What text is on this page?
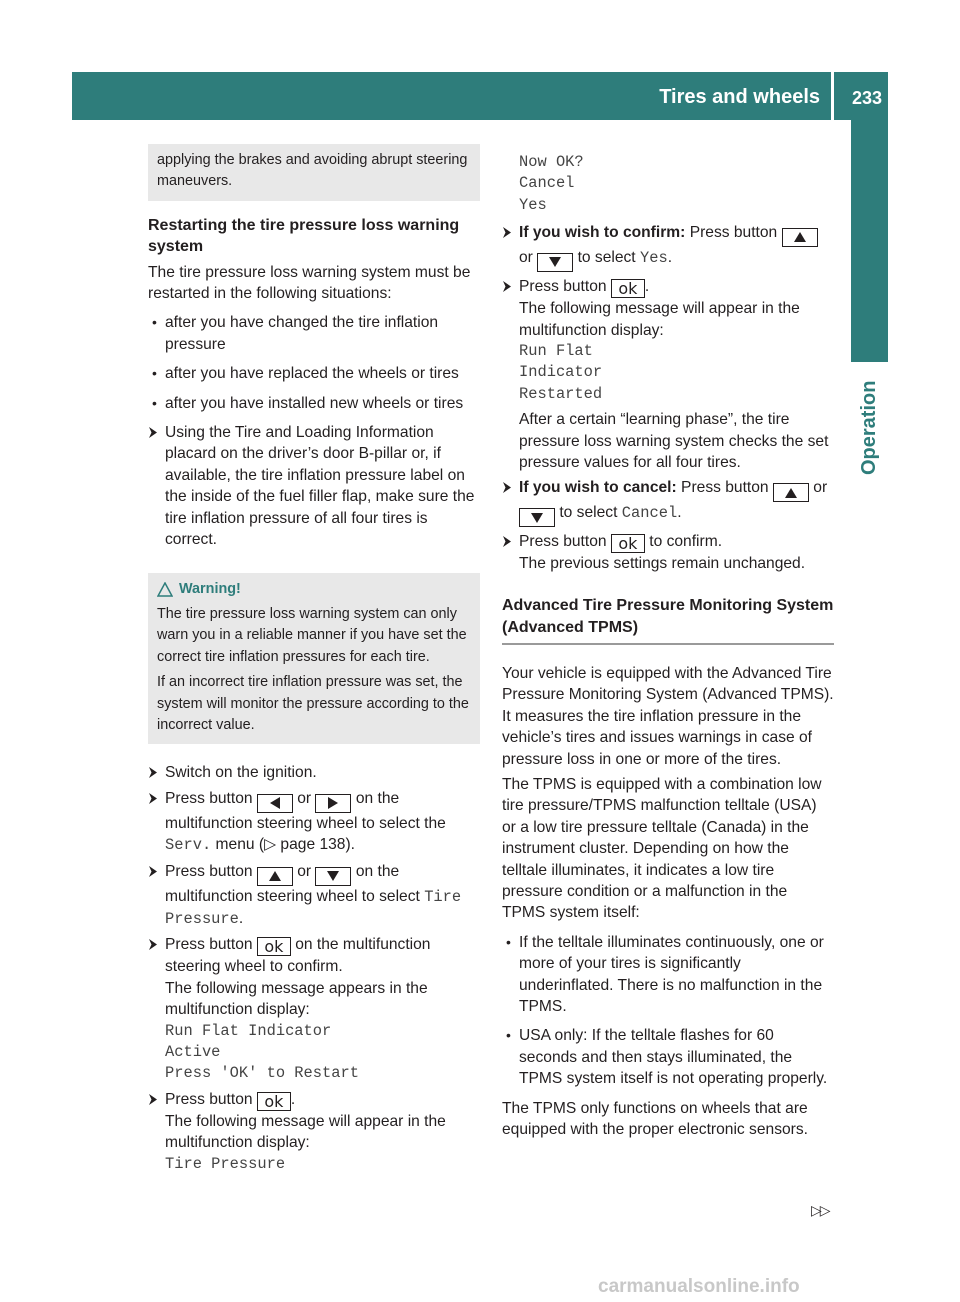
Tires and wheels 233
Operation

applying the brakes and avoiding abrupt steering maneuvers.

Restarting the tire pressure loss warning system

The tire pressure loss warning system must be restarted in the following situations:

• after you have changed the tire inflation pressure

• after you have replaced the wheels or tires

• after you have installed new wheels or tires

Using the Tire and Loading Information placard on the driver’s door B-pillar or, if available, the tire inflation pressure label on the inside of the fuel filler flap, make sure the tire inflation pressure of all four tires is correct.
Warning!

The tire pressure loss warning system can only warn you in a reliable manner if you have set the correct tire inflation pressures for each tire.

If an incorrect tire inflation pressure was set, the system will monitor the pressure according to the incorrect value.

Switch on the ignition.
Press button	or	on the multifunction steering wheel to select the Serv. menu (▷ page 138).
Press button	or	on the multifunction steering wheel to select Tire Pressure.
Press button ok on the multifunction steering wheel to confirm.
The following message appears in the multifunction display:
Run Flat Indicator
Active
Press 'OK' to Restart
Press button ok .
The following message will appear in the multifunction display:
Tire Pressure
Now OK?
Cancel
Yes
If you wish to confirm: Press button  or	to select Yes.
Press button ok .
The following message will appear in the multifunction display:
Run Flat
Indicator
Restarted
After a certain “learning phase”, the tire pressure loss warning system checks the set pressure values for all four tires.
If you wish to cancel: Press button	or  to select Cancel.
Press button ok to confirm.
The previous settings remain unchanged.

Advanced Tire Pressure Monitoring System (Advanced TPMS)

Your vehicle is equipped with the Advanced Tire Pressure Monitoring System (Advanced TPMS). It measures the tire inflation pressure in the vehicle’s tires and issues warnings in case of pressure loss in one or more of the tires.

The TPMS is equipped with a combination low tire pressure/TPMS malfunction telltale (USA) or a low tire pressure telltale (Canada) in the instrument cluster. Depending on how the telltale illuminates, it indicates a low tire pressure condition or a malfunction in the TPMS system itself:

• If the telltale illuminates continuously, one or more of your tires is significantly underinflated. There is no malfunction in the TPMS.

• USA only: If the telltale flashes for 60 seconds and then stays illuminated, the TPMS system itself is not operating properly.

The TPMS only functions on wheels that are equipped with the proper electronic sensors.

▷▷
carmanualsonline.info
